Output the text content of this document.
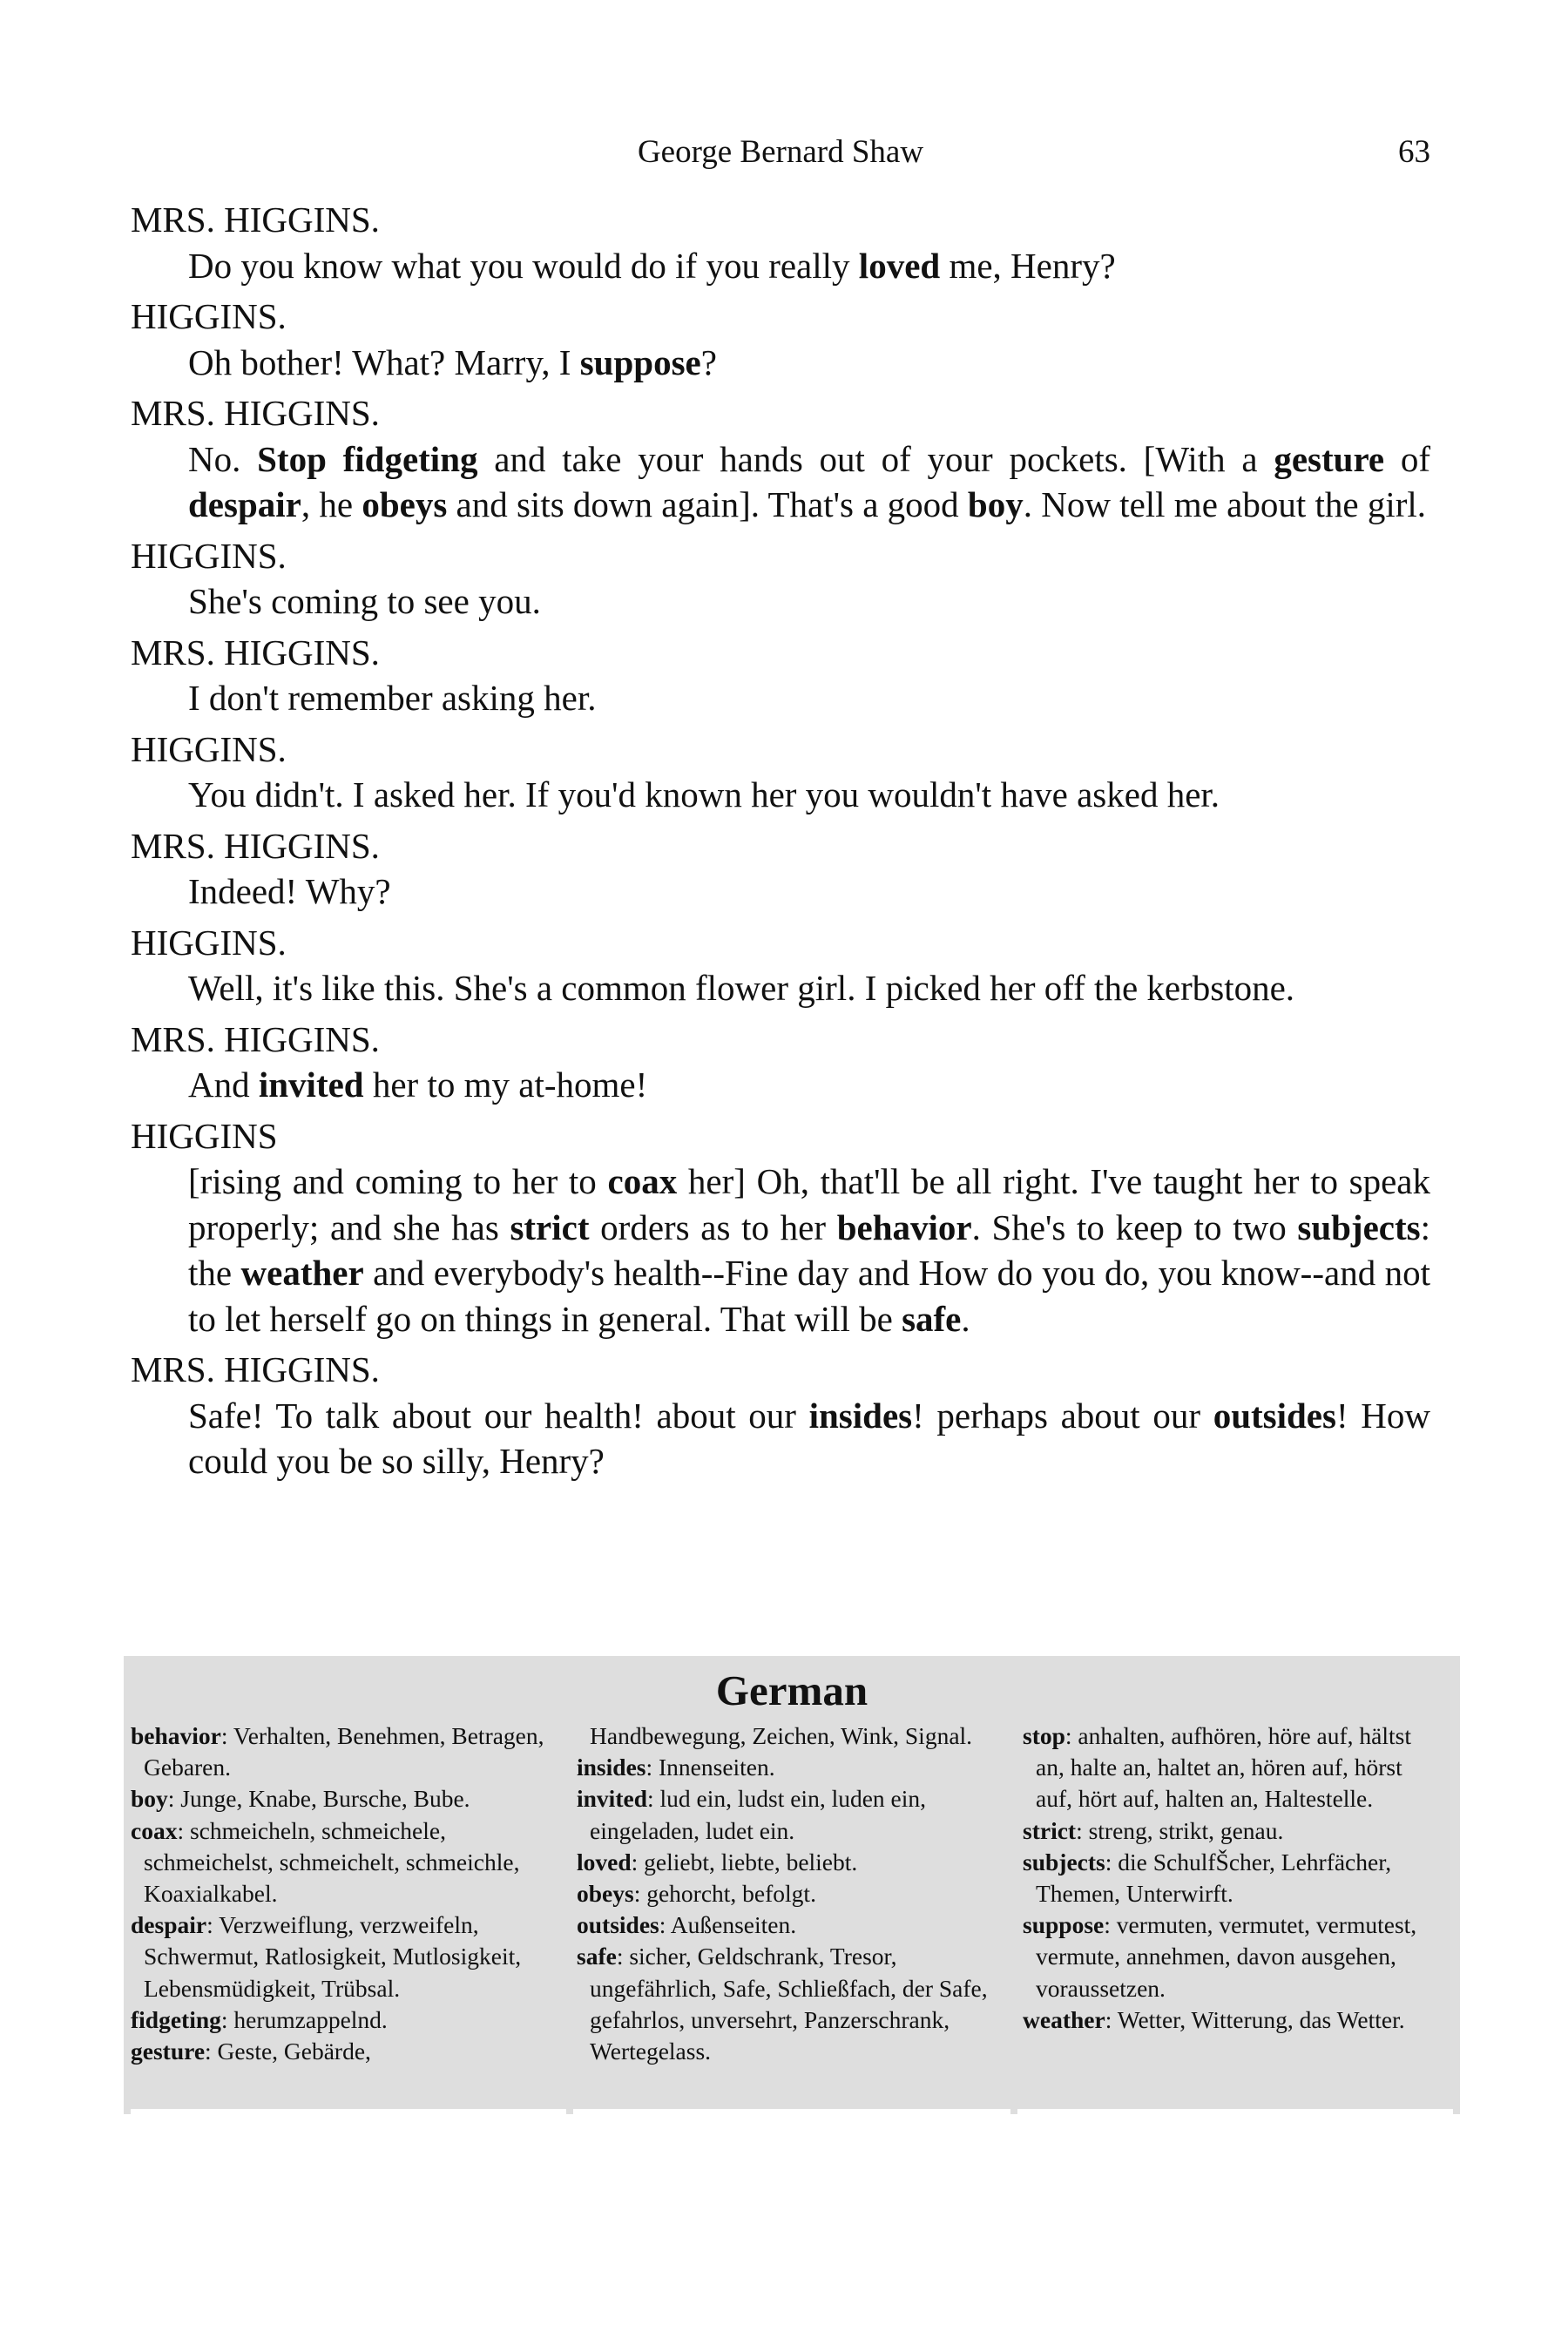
George Bernard Shaw	63
MRS. HIGGINS.
Do you know what you would do if you really loved me, Henry?
HIGGINS.
Oh bother! What? Marry, I suppose?
MRS. HIGGINS.
No. Stop fidgeting and take your hands out of your pockets. [With a gesture of despair, he obeys and sits down again]. That's a good boy. Now tell me about the girl.
HIGGINS.
She's coming to see you.
MRS. HIGGINS.
I don't remember asking her.
HIGGINS.
You didn't. I asked her. If you'd known her you wouldn't have asked her.
MRS. HIGGINS.
Indeed! Why?
HIGGINS.
Well, it's like this. She's a common flower girl. I picked her off the kerbstone.
MRS. HIGGINS.
And invited her to my at-home!
HIGGINS
[rising and coming to her to coax her] Oh, that'll be all right. I've taught her to speak properly; and she has strict orders as to her behavior. She's to keep to two subjects: the weather and everybody's health--Fine day and How do you do, you know--and not to let herself go on things in general. That will be safe.
MRS. HIGGINS.
Safe! To talk about our health! about our insides! perhaps about our outsides! How could you be so silly, Henry?
German

behavior: Verhalten, Benehmen, Betragen, Gebaren.

boy: Junge, Knabe, Bursche, Bube.

coax: schmeicheln, schmeichele, schmeichelst, schmeichelt, schmeichle, Koaxialkabel.

despair: Verzweiflung, verzweifeln, Schwermut, Ratlosigkeit, Mutlosigkeit, Lebensmüdigkeit, Trübsal.

fidgeting: herumzappelnd.

gesture: Geste, Gebärde,

Handbewegung, Zeichen, Wink, Signal.

insides: Innenseiten.

invited: lud ein, ludst ein, luden ein, eingeladen, ludet ein.

loved: geliebt, liebte, beliebt.

obeys: gehorcht, befolgt.

outsides: Außenseiten.

safe: sicher, Geldschrank, Tresor, ungefährlich, Safe, Schließfach, der Safe, gefahrlos, unversehrt, Panzerschrank, Wertegelass.

stop: anhalten, aufhören, höre auf, hältst an, halte an, haltet an, hören auf, hörst auf, hört auf, halten an, Haltestelle.

strict: streng, strikt, genau.

subjects: die SchulfŠcher, Lehrfächer, Themen, Unterwirft.

suppose: vermuten, vermutet, vermutest, vermute, annehmen, davon ausgehen, voraussetzen.

weather: Wetter, Witterung, das Wetter.
